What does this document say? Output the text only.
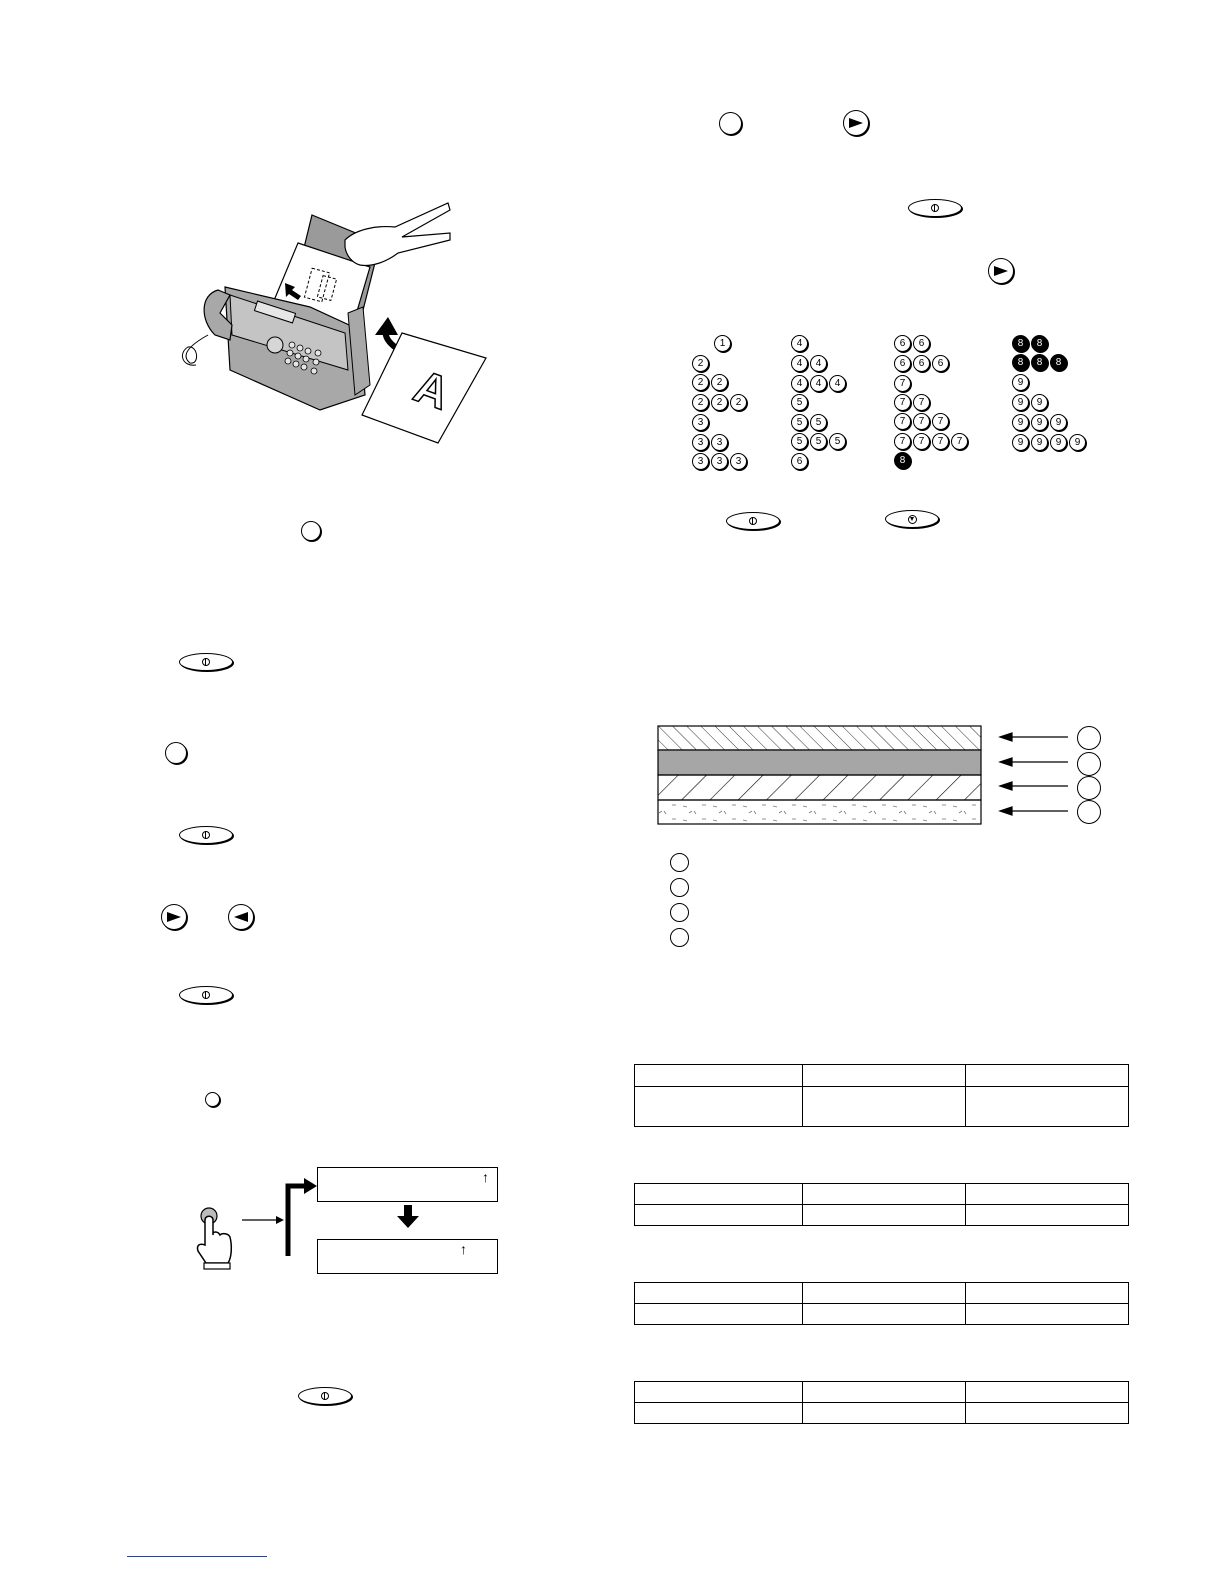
A
↑
↑
1
2
2 2
2 2 2
3
3 3
3 3 3
4
4 4
4 4 4
5
5 5
5 5 5
6
6 6
6 6 6
7
7 7
7 7 7
7 7 7 7
8
8 8
8 8 8
9
9 9
9 9 9
9 9 9 9
